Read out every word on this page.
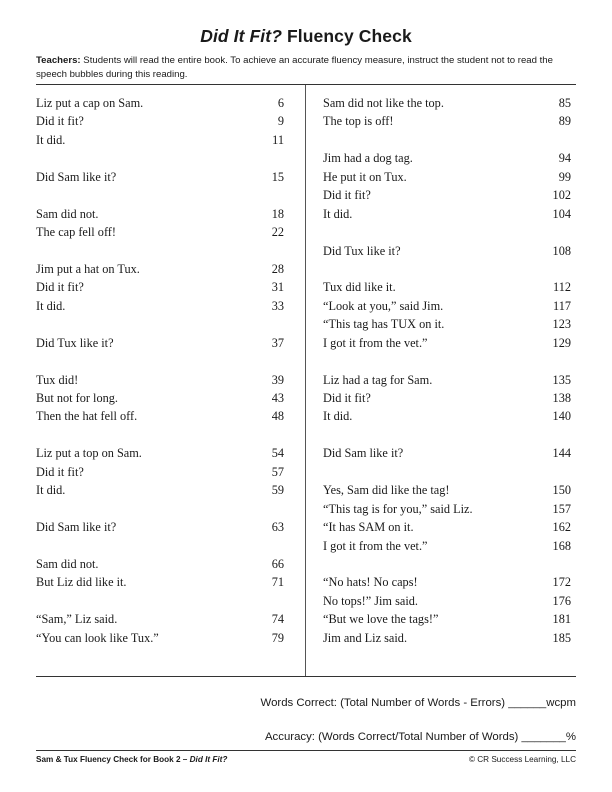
Did It Fit? Fluency Check
Teachers: Students will read the entire book. To achieve an accurate fluency measure, instruct the student not to read the speech bubbles during this reading.
Liz put a cap on Sam.	6
Did it fit?	9
It did.	11
Did Sam like it?	15
Sam did not.	18
The cap fell off!	22
Jim put a hat on Tux.	28
Did it fit?	31
It did.	33
Did Tux like it?	37
Tux did!	39
But not for long.	43
Then the hat fell off.	48
Liz put a top on Sam.	54
Did it fit?	57
It did.	59
Did Sam like it?	63
Sam did not.	66
But Liz did like it.	71
“Sam,” Liz said.	74
“You can look like Tux.”	79
Sam did not like the top.	85
The top is off!	89
Jim had a dog tag.	94
He put it on Tux.	99
Did it fit?	102
It did.	104
Did Tux like it?	108
Tux did like it.	112
“Look at you,” said Jim.	117
“This tag has TUX on it.	123
I got it from the vet.”	129
Liz had a tag for Sam.	135
Did it fit?	138
It did.	140
Did Sam like it?	144
Yes, Sam did like the tag!	150
“This tag is for you,” said Liz.	157
“It has SAM on it.	162
I got it from the vet.”	168
“No hats! No caps!	172
No tops!” Jim said.	176
“But we love the tags!”	181
Jim and Liz said.	185
Words Correct: (Total Number of Words - Errors) ______wcpm
Accuracy: (Words Correct/Total Number of Words) _______%
Sam & Tux Fluency Check for Book 2 – Did It Fit?	© CR Success Learning, LLC
